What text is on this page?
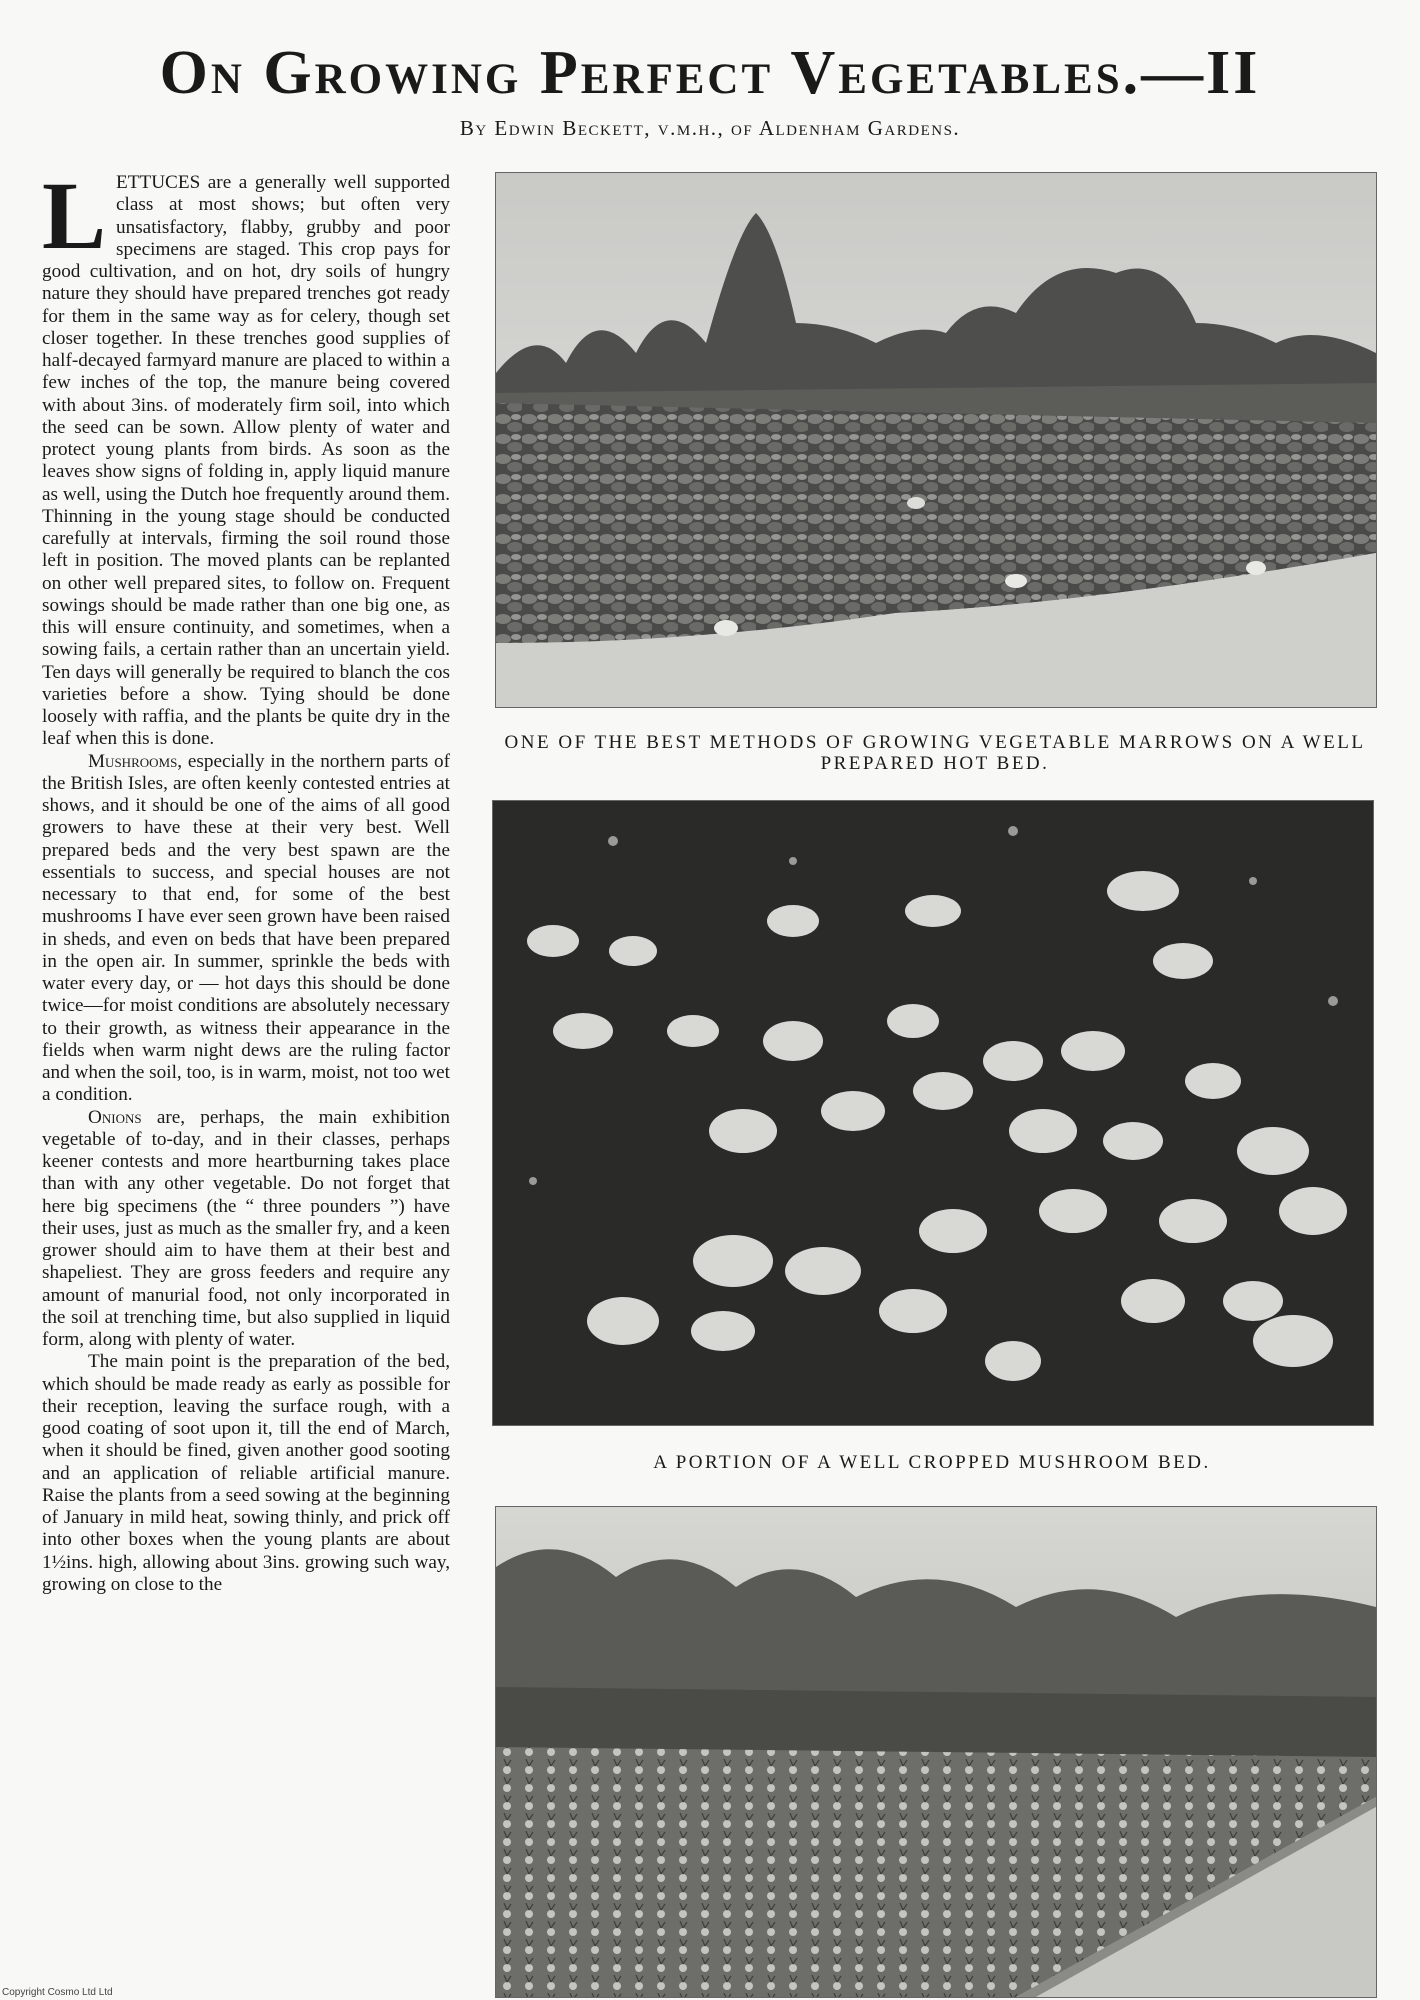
On Growing Perfect Vegetables.—II
By Edwin Beckett, v.m.h., of Aldenham Gardens.

LETTUCES are a generally well supported class at most shows; but often very unsatisfactory, flabby, grubby and poor specimens are staged. This crop pays for good cultivation, and on hot, dry soils of hungry nature they should have prepared trenches got ready for them in the same way as for celery, though set closer together. In these trenches good supplies of half-decayed farmyard manure are placed to within a few inches of the top, the manure being covered with about 3ins. of moderately firm soil, into which the seed can be sown. Allow plenty of water and protect young plants from birds. As soon as the leaves show signs of folding in, apply liquid manure as well, using the Dutch hoe frequently around them. Thinning in the young stage should be conducted carefully at intervals, firming the soil round those left in position. The moved plants can be replanted on other well prepared sites, to follow on. Frequent sowings should be made rather than one big one, as this will ensure continuity, and sometimes, when a sowing fails, a certain rather than an uncertain yield. Ten days will generally be required to blanch the cos varieties before a show. Tying should be done loosely with raffia, and the plants be quite dry in the leaf when this is done.

Mushrooms, especially in the northern parts of the British Isles, are often keenly contested entries at shows, and it should be one of the aims of all good growers to have these at their very best. Well prepared beds and the very best spawn are the essentials to success, and special houses are not necessary to that end, for some of the best mushrooms I have ever seen grown have been raised in sheds, and even on beds that have been prepared in the open air. In summer, sprinkle the beds with water every day, or — hot days this should be done twice—for moist conditions are absolutely necessary to their growth, as witness their appearance in the fields when warm night dews are the ruling factor and when the soil, too, is in warm, moist, not too wet a condition.

Onions are, perhaps, the main exhibition vegetable of to-day, and in their classes, perhaps keener contests and more heartburning takes place than with any other vegetable. Do not forget that here big specimens (the “ three pounders ”) have their uses, just as much as the smaller fry, and a keen grower should aim to have them at their best and shapeliest. They are gross feeders and require any amount of manurial food, not only incorporated in the soil at trenching time, but also supplied in liquid form, along with plenty of water.

The main point is the preparation of the bed, which should be made ready as early as possible for their reception, leaving the surface rough, with a good coating of soot upon it, till the end of March, when it should be fined, given another good sooting and an application of reliable artificial manure. Raise the plants from a seed sowing at the beginning of January in mild heat, sowing thinly, and prick off into other boxes when the young plants are about 1½ins. high, allowing about 3ins. growing such way, growing on close to the

ONE OF THE BEST METHODS OF GROWING VEGETABLE MARROWS ON A WELL PREPARED HOT BED.
A PORTION OF A WELL CROPPED MUSHROOM BED.
Copyright Cosmo Ltd Ltd
